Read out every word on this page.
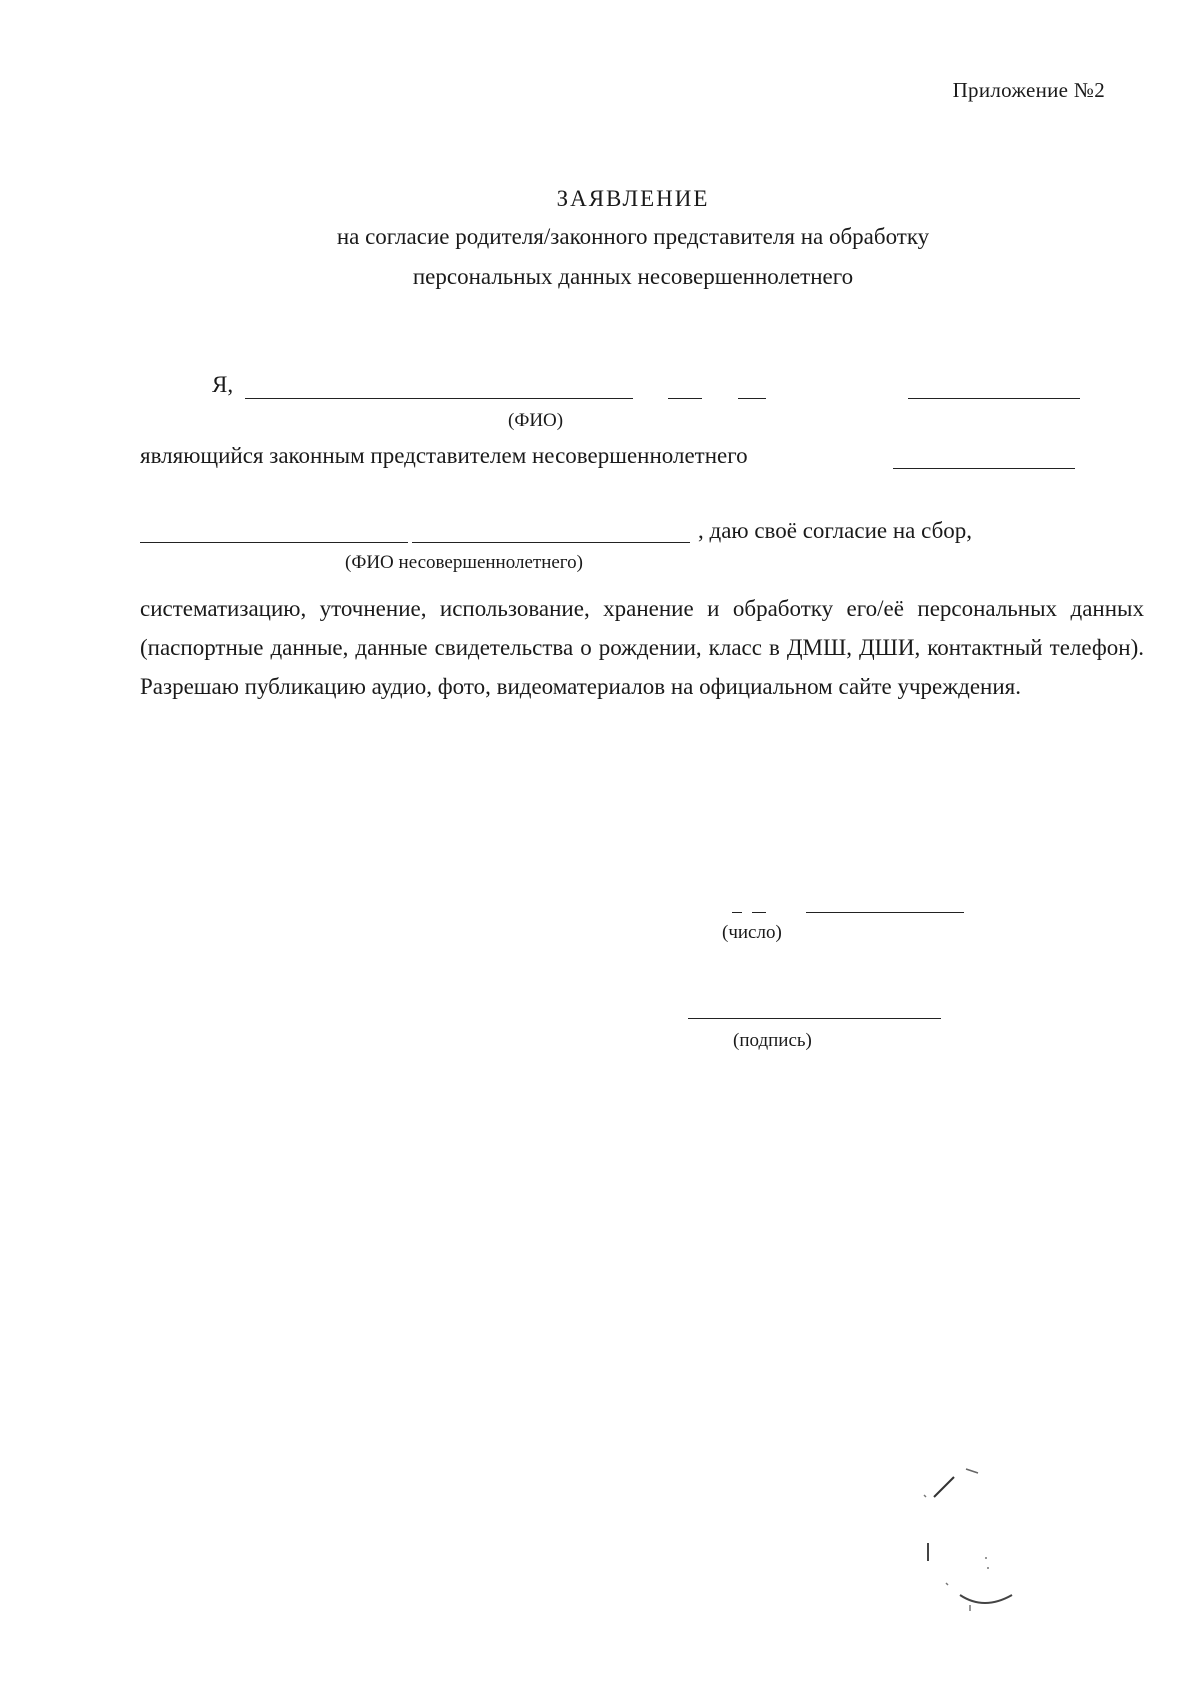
Приложение №2
ЗАЯВЛЕНИЕ
на согласие родителя/законного представителя на обработку
персональных данных несовершеннолетнего
Я,
(ФИО)
являющийся законным представителем несовершеннолетнего
, даю своё согласие на сбор,
(ФИО несовершеннолетнего)
систематизацию, уточнение, использование, хранение и обработку его/её персональных данных (паспортные данные, данные свидетельства о рождении, класс в ДМШ, ДШИ, контактный телефон). Разрешаю публикацию аудио, фото, видеоматериалов на официальном сайте учреждения.
(число)
(подпись)
